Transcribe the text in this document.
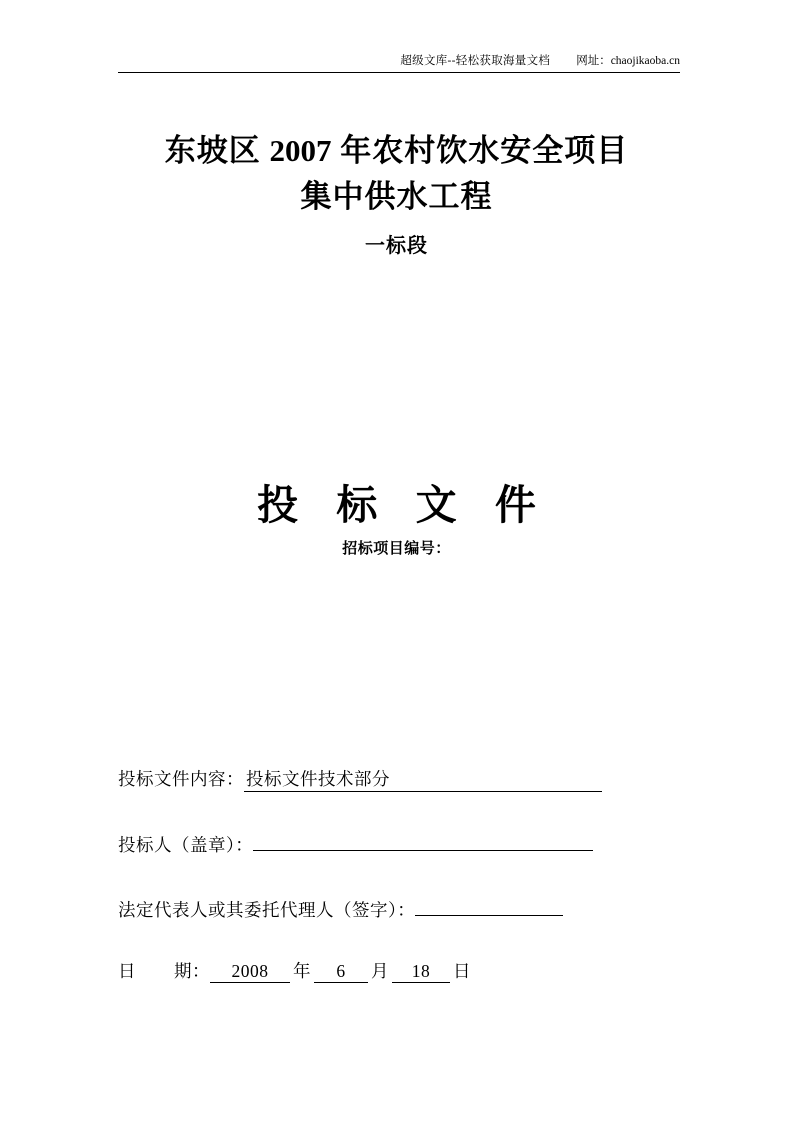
超级文库--轻松获取海量文档 网址： chaojikaoba.cn
东坡区 2007 年农村饮水安全项目
集中供水工程
一标段
投 标 文 件
招标项目编号：
投标文件内容： 投标文件技术部分
投标人（盖章）：
法定代表人或其委托代理人（签字）：
日 期：	2008	年	6	月	18	日
